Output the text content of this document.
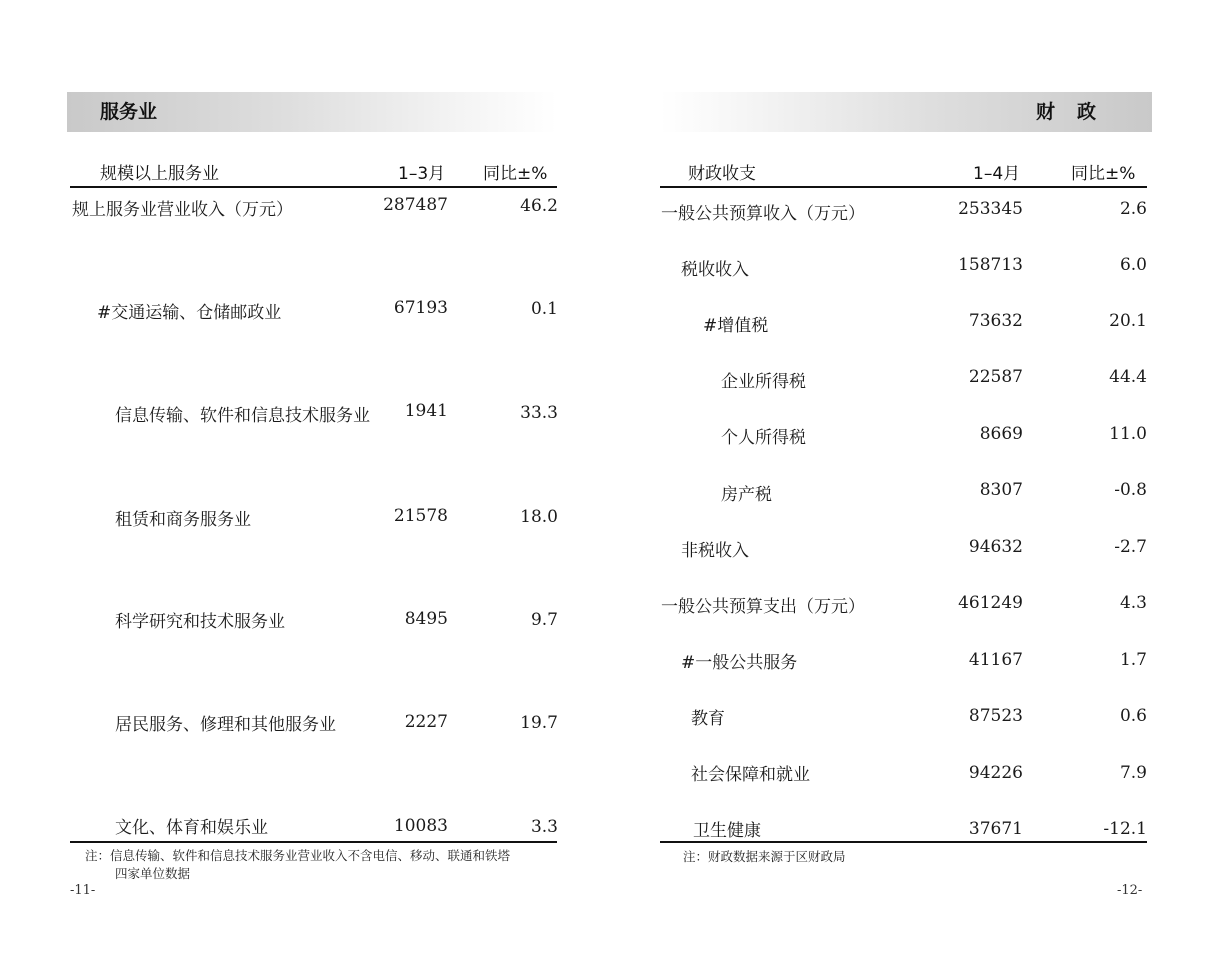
服务业
规模以上服务业	1–3月 同比±%
规上服务业营业收入（万元）	287487	46.2
#交通运输、仓储邮政业	67193	0.1
信息传输、软件和信息技术服务业	1941	33.3
租赁和商务服务业	21578	18.0
科学研究和技术服务业	8495	9.7
居民服务、修理和其他服务业	2227	19.7
文化、体育和娱乐业	10083	3.3
注：信息传输、软件和信息技术服务业营业收入不含电信、移动、联通和铁塔
四家单位数据
-11-
财政
财政收支	1–4月	同比±%
一般公共预算收入（万元）	253345	2.6
税收收入	158713	6.0
#增值税	73632	20.1
企业所得税	22587	44.4
个人所得税	8669	11.0
房产税	8307	-0.8
非税收入	94632	-2.7
一般公共预算支出（万元）	461249	4.3
#一般公共服务	41167	1.7
教育	87523	0.6
社会保障和就业	94226	7.9
卫生健康	37671	-12.1
注：财政数据来源于区财政局
-12-
